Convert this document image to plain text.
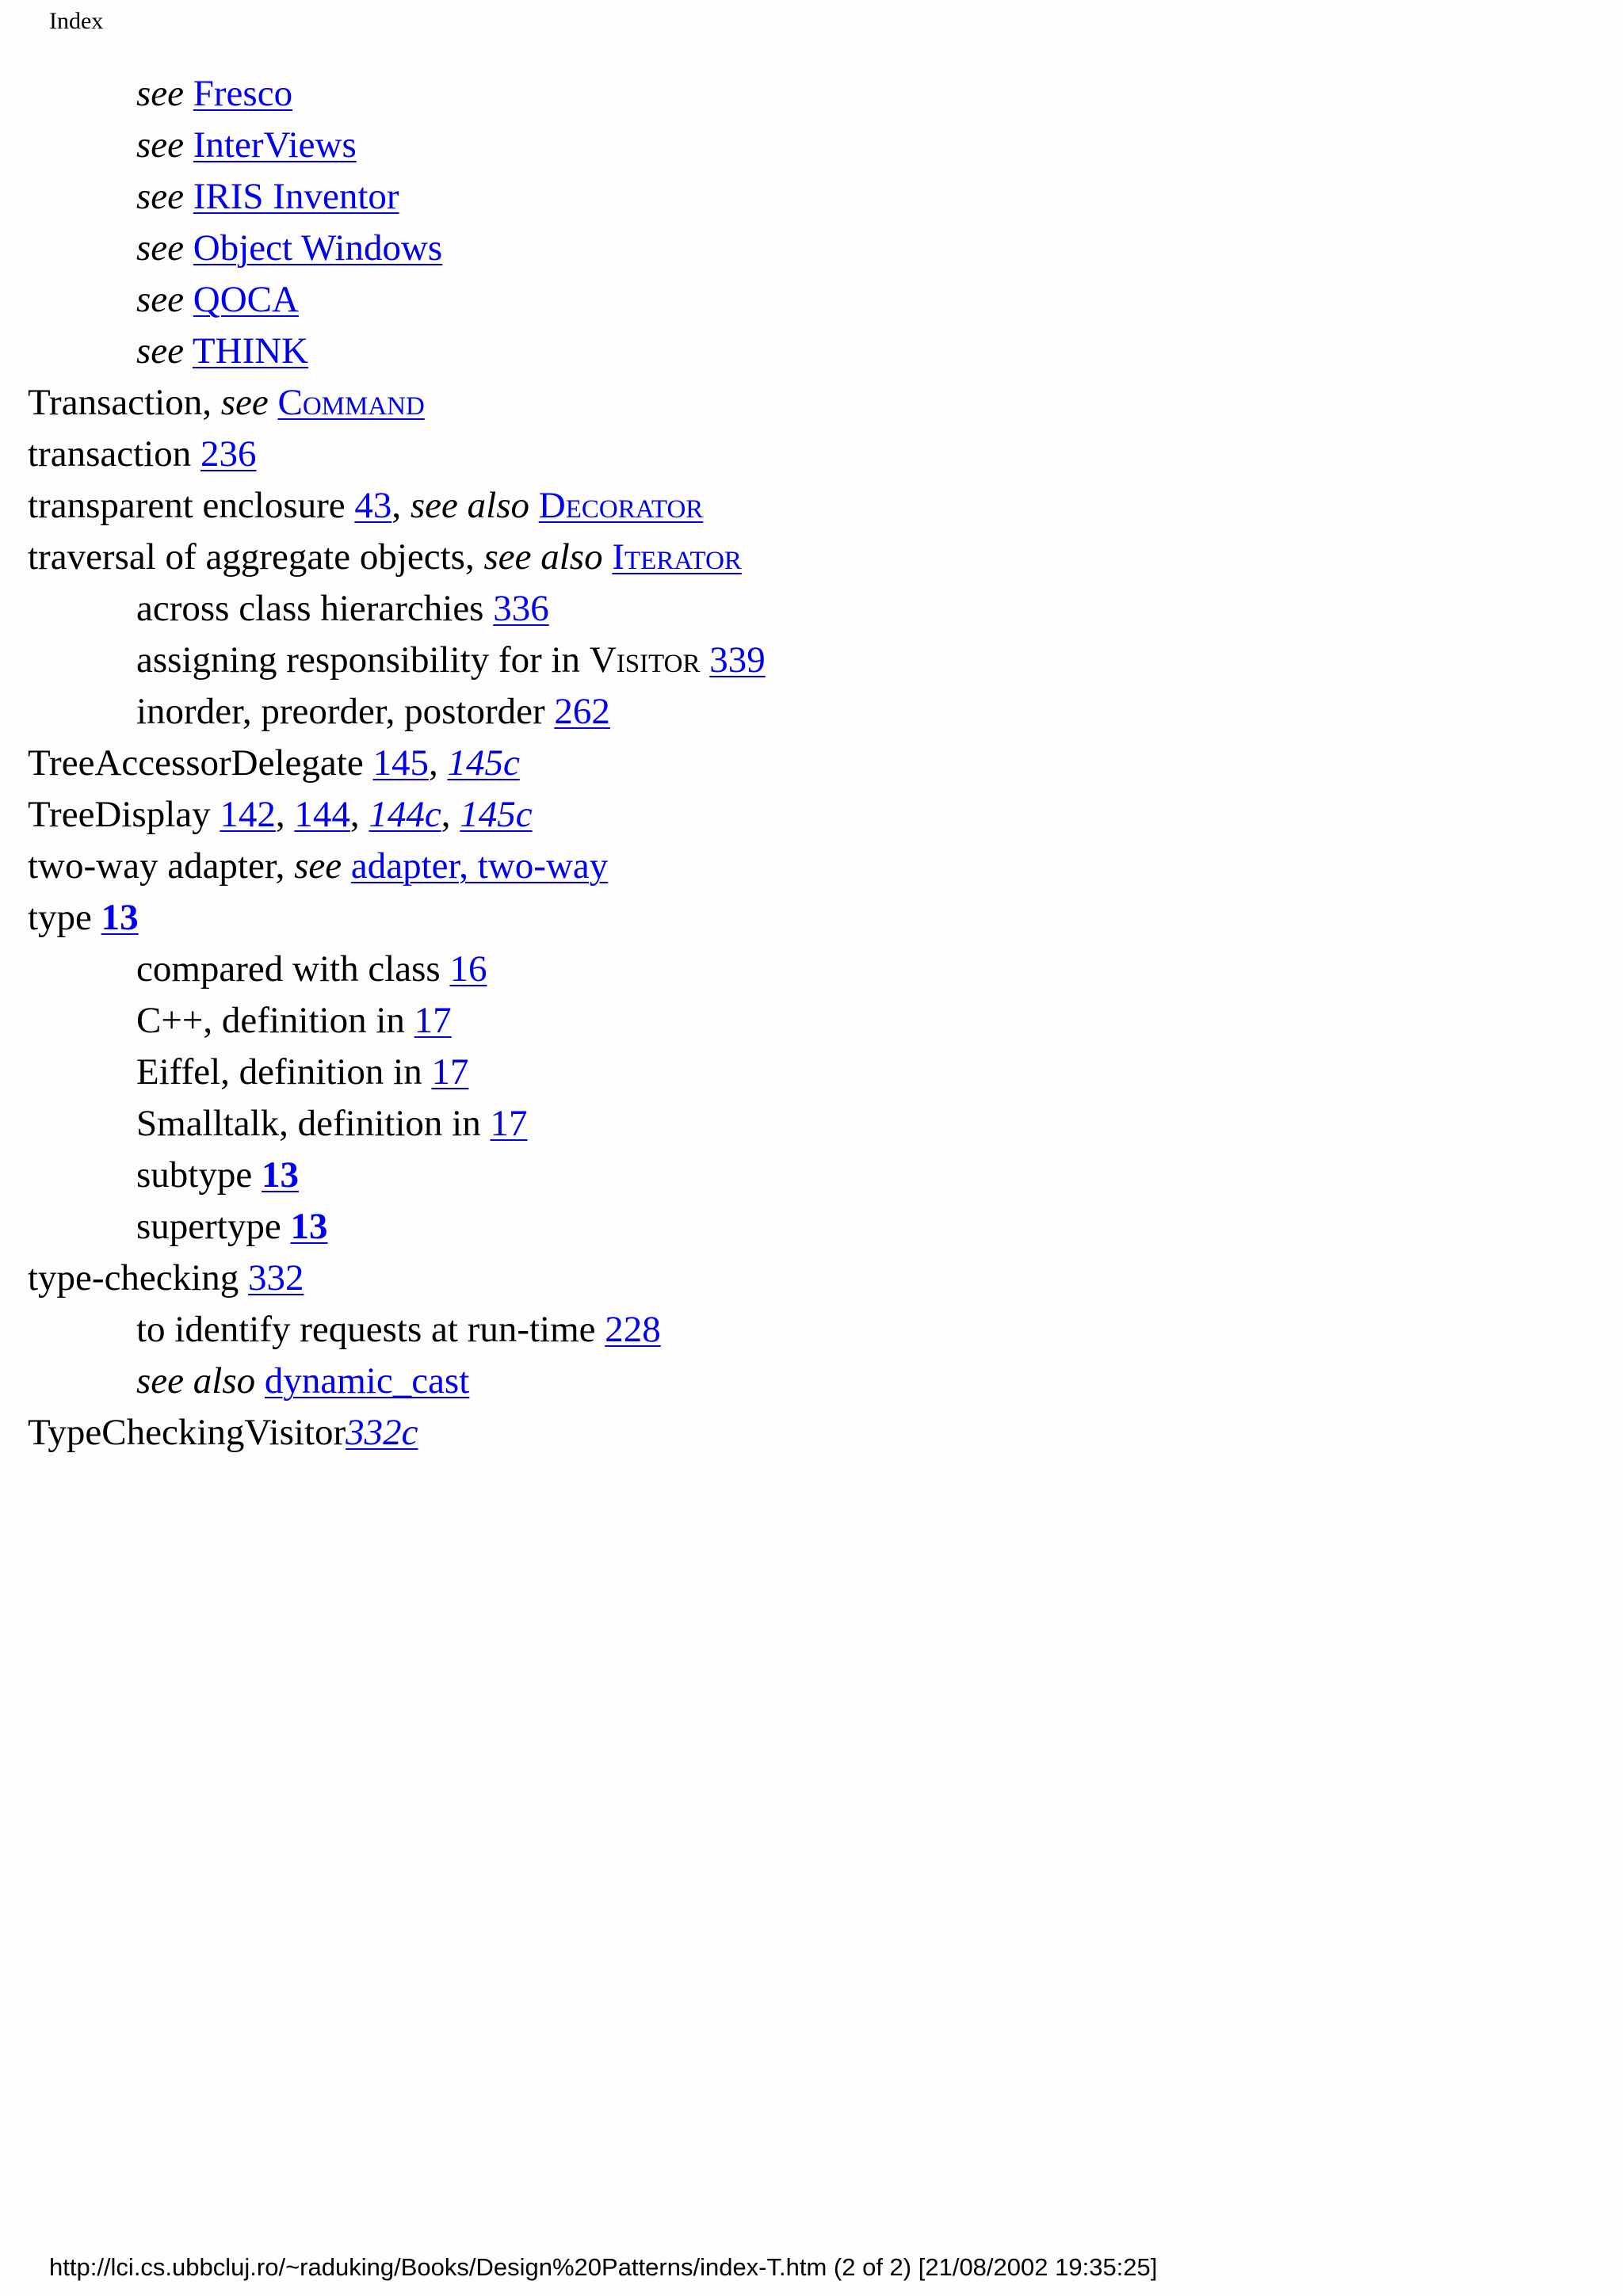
Index
see Fresco
see InterViews
see IRIS Inventor
see Object Windows
see QOCA
see THINK
Transaction, see Command
transaction 236
transparent enclosure 43, see also Decorator
traversal of aggregate objects, see also Iterator
across class hierarchies 336
assigning responsibility for in Visitor 339
inorder, preorder, postorder 262
TreeAccessorDelegate 145, 145c
TreeDisplay 142, 144, 144c, 145c
two-way adapter, see adapter, two-way
type 13
compared with class 16
C++, definition in 17
Eiffel, definition in 17
Smalltalk, definition in 17
subtype 13
supertype 13
type-checking 332
to identify requests at run-time 228
see also dynamic_cast
TypeCheckingVisitor332c
http://lci.cs.ubbcluj.ro/~raduking/Books/Design%20Patterns/index-T.htm (2 of 2) [21/08/2002 19:35:25]
